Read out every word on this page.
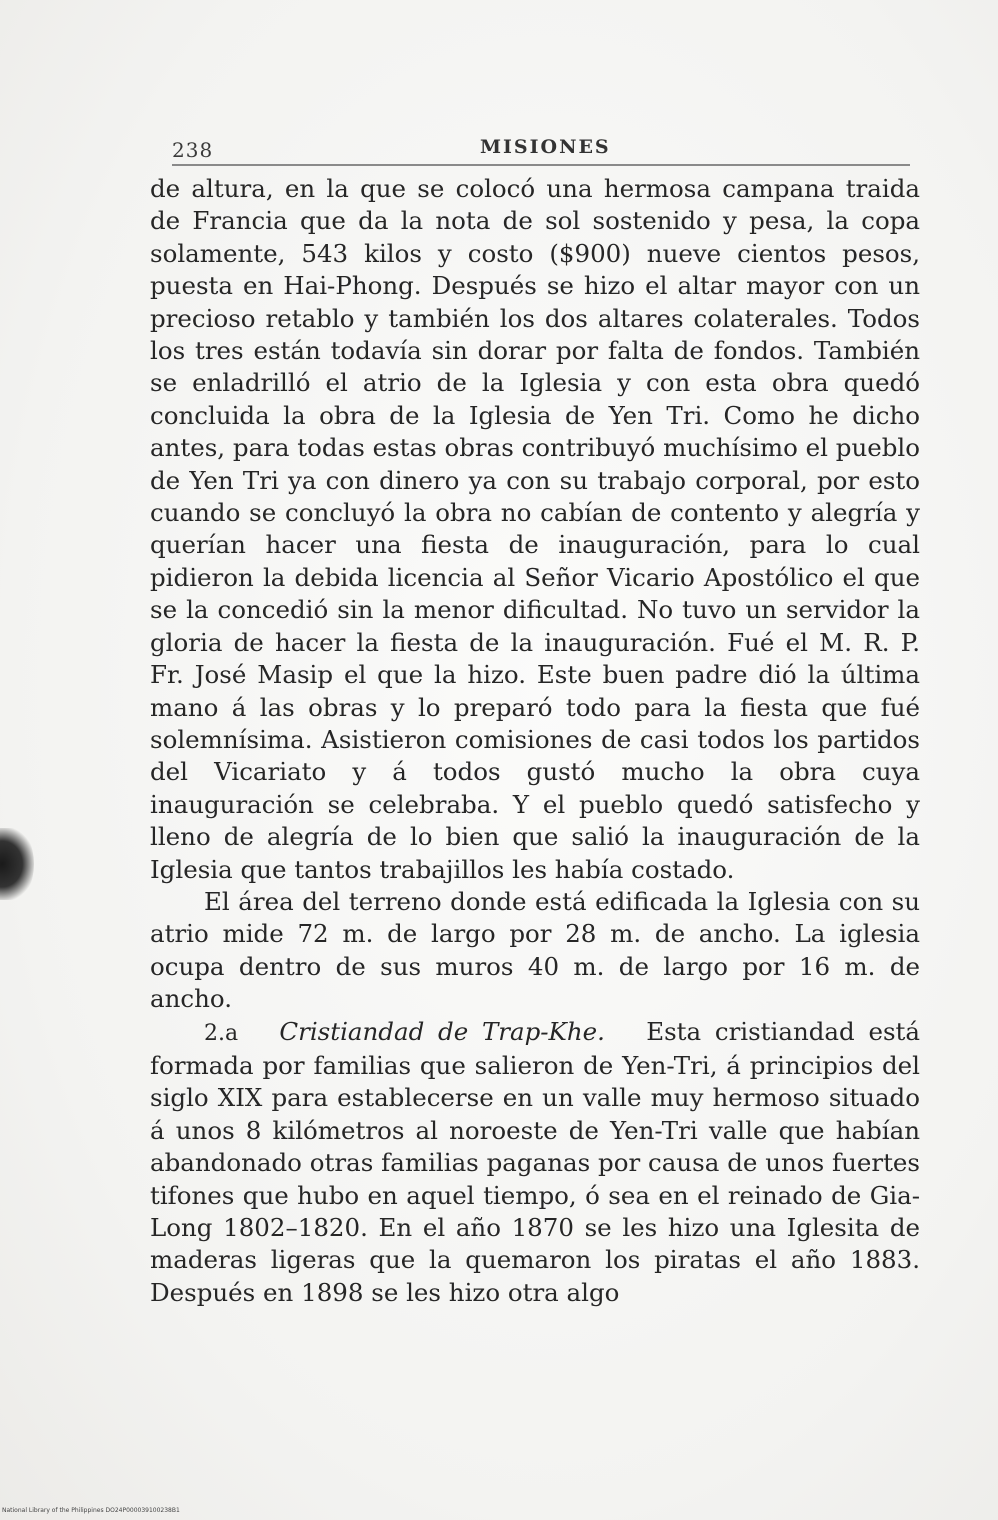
238	MISIONES

de altura, en la que se colocó una hermosa campana traida de Francia que da la nota de sol sostenido y pesa, la copa solamente, 543 kilos y costo ($900) nueve cientos pesos, puesta en Hai-Phong. Después se hizo el altar mayor con un precioso retablo y también los dos altares colaterales. Todos los tres están todavía sin dorar por falta de fondos. También se enladrilló el atrio de la Iglesia y con esta obra quedó concluida la obra de la Iglesia de Yen Tri. Como he dicho antes, para todas estas obras contribuyó muchísimo el pueblo de Yen Tri ya con dinero ya con su trabajo corporal, por esto cuando se concluyó la obra no cabían de contento y alegría y querían hacer una fiesta de inauguración, para lo cual pidieron la debida licencia al Señor Vicario Apostólico el que se la concedió sin la menor dificultad. No tuvo un servidor la gloria de hacer la fiesta de la inauguración. Fué el M. R. P. Fr. José Masip el que la hizo. Este buen padre dió la última mano á las obras y lo preparó todo para la fiesta que fué solemnísima. Asistieron comisiones de casi todos los partidos del Vicariato y á todos gustó mucho la obra cuya inauguración se celebraba. Y el pueblo quedó satisfecho y lleno de alegría de lo bien que salió la inauguración de la Iglesia que tantos trabajillos les había costado.

El área del terreno donde está edificada la Iglesia con su atrio mide 72 m. de largo por 28 m. de ancho. La iglesia ocupa dentro de sus muros 40 m. de largo por 16 m. de ancho.

2.a Cristiandad de Trap-Khe. Esta cristiandad está formada por familias que salieron de Yen-Tri, á principios del siglo XIX para establecerse en un valle muy hermoso situado á unos 8 kilómetros al noroeste de Yen-Tri valle que habían abandonado otras familias paganas por causa de unos fuertes tifones que hubo en aquel tiempo, ó sea en el reinado de Gia-Long 1802–1820. En el año 1870 se les hizo una Iglesita de maderas ligeras que la quemaron los piratas el año 1883. Después en 1898 se les hizo otra algo

National Library of the Philippines DO24P000039100238B1
